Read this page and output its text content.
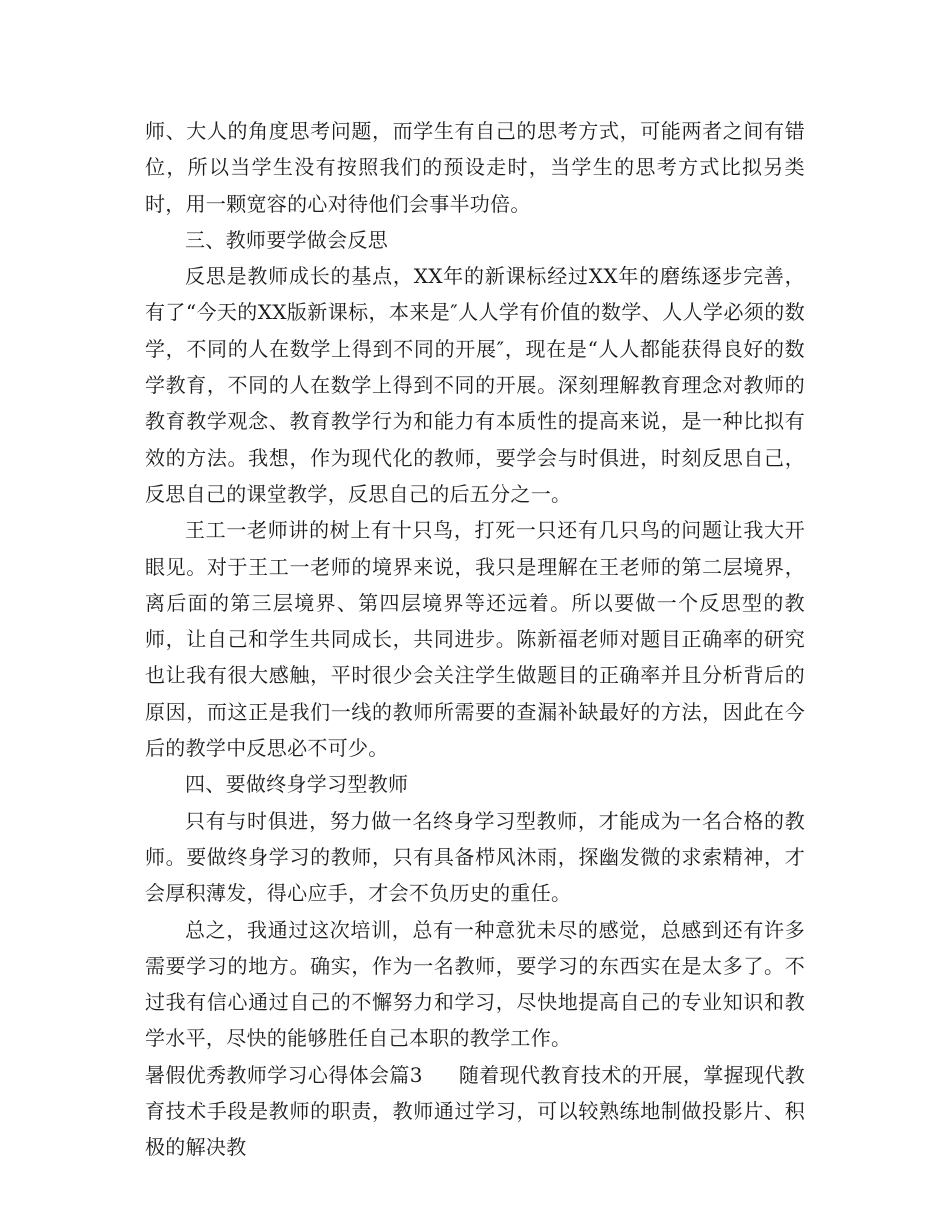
师、大人的角度思考问题，而学生有自己的思考方式，可能两者之间有错位，所以当学生没有按照我们的预设走时，当学生的思考方式比拟另类时，用一颗宽容的心对待他们会事半功倍。

三、教师要学做会反思

反思是教师成长的基点，XX年的新课标经过XX年的磨练逐步完善，有了“今天的XX版新课标，本来是″人人学有价值的数学、人人学必须的数学，不同的人在数学上得到不同的开展″，现在是“人人都能获得良好的数学教育，不同的人在数学上得到不同的开展。深刻理解教育理念对教师的教育教学观念、教育教学行为和能力有本质性的提高来说，是一种比拟有效的方法。我想，作为现代化的教师，要学会与时俱进，时刻反思自己，反思自己的课堂教学，反思自己的后五分之一。

王工一老师讲的树上有十只鸟，打死一只还有几只鸟的问题让我大开眼见。对于王工一老师的境界来说，我只是理解在王老师的第二层境界，离后面的第三层境界、第四层境界等还远着。所以要做一个反思型的教师，让自己和学生共同成长，共同进步。陈新福老师对题目正确率的研究也让我有很大感触，平时很少会关注学生做题目的正确率并且分析背后的原因，而这正是我们一线的教师所需要的查漏补缺最好的方法，因此在今后的教学中反思必不可少。

四、要做终身学习型教师

只有与时俱进，努力做一名终身学习型教师，才能成为一名合格的教师。要做终身学习的教师，只有具备栉风沐雨，探幽发微的求索精神，才会厚积薄发，得心应手，才会不负历史的重任。

总之，我通过这次培训，总有一种意犹未尽的感觉，总感到还有许多需要学习的地方。确实，作为一名教师，要学习的东西实在是太多了。不过我有信心通过自己的不懈努力和学习，尽快地提高自己的专业知识和教学水平，尽快的能够胜任自己本职的教学工作。

暑假优秀教师学习心得体会篇3 随着现代教育技术的开展，掌握现代教育技术手段是教师的职责，教师通过学习，可以较熟练地制做投影片、积极的解决教
